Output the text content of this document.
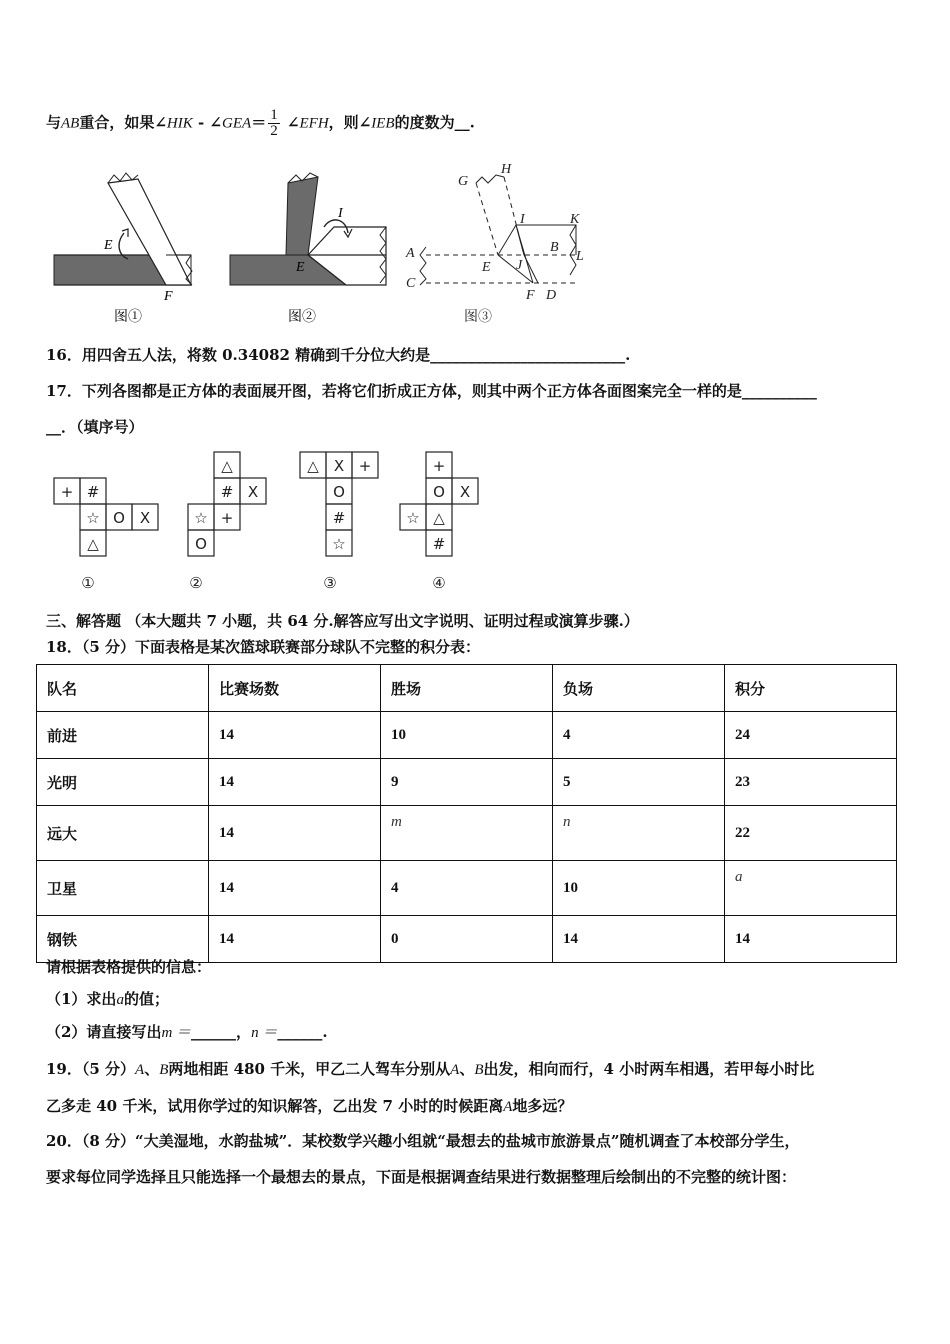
与AB重合，如果∠HIK - ∠GEA＝ $\frac{1}{2}$ ∠EFH，则∠IEB的度数为__.
E
F
图①
I
E
图②
G
H
I	K
B
L
A
C
E J
F D
图③
16．用四舍五人法，将数 0.34082 精确到千分位大约是__________________________.
17．下列各图都是正方体的表面展开图，若将它们折成正方体，则其中两个正方体各面图案完全一样的是__________
__．（填序号）
+ #
☆ O X
△
△
# X
☆ +
O
△ X +
O
#
☆
+
O X
☆ △
#
①	②	③	④
三、解答题 （本大题共 7 小题，共 64 分.解答应写出文字说明、证明过程或演算步骤.）
18．（5 分）下面表格是某次篮球联赛部分球队不完整的积分表：
队名	比赛场数	胜场	负场	积分
前进	14	10	4	24
光明	14	9	5	23
远大	14	m	n	22
卫星	14	4	10	a
钢铁	14	0	14	14
请根据表格提供的信息：
（1）求出a的值；
（2）请直接写出m ＝______，n ＝______.
19．（5 分）A、B两地相距 480 千米，甲乙二人驾车分别从A、B出发，相向而行，4 小时两车相遇，若甲每小时比
乙多走 40 千米，试用你学过的知识解答，乙出发 7 小时的时候距离A地多远？
20．（8 分）“大美湿地，水韵盐城”．某校数学兴趣小组就“最想去的盐城市旅游景点”随机调查了本校部分学生，
要求每位同学选择且只能选择一个最想去的景点，下面是根据调查结果进行数据整理后绘制出的不完整的统计图：
